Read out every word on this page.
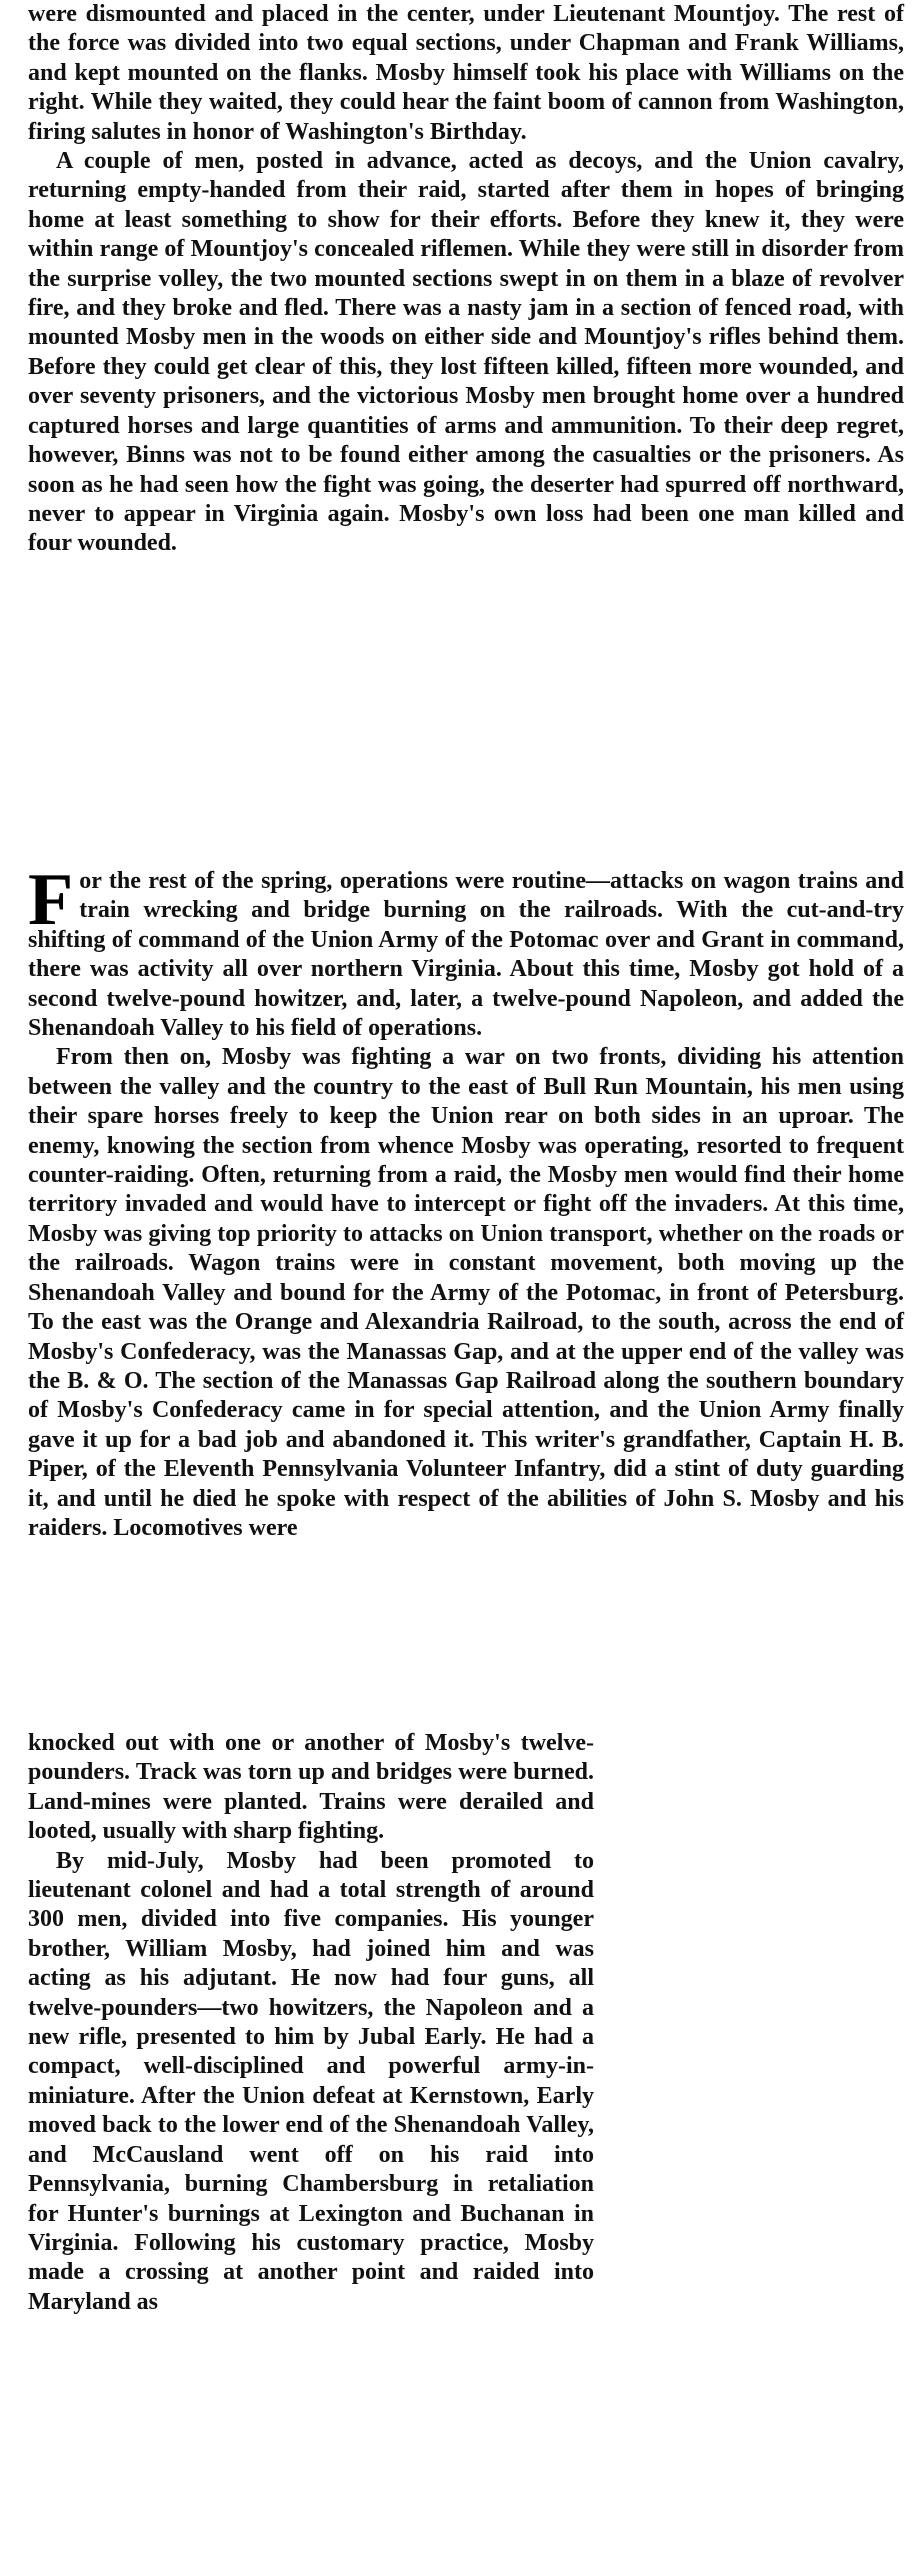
were dismounted and placed in the center, under Lieutenant Mountjoy. The rest of the force was divided into two equal sections, under Chapman and Frank Williams, and kept mounted on the flanks. Mosby himself took his place with Williams on the right. While they waited, they could hear the faint boom of cannon from Washington, firing salutes in honor of Washington's Birthday.

A couple of men, posted in advance, acted as decoys, and the Union cavalry, returning empty-handed from their raid, started after them in hopes of bringing home at least something to show for their efforts. Before they knew it, they were within range of Mountjoy's concealed riflemen. While they were still in disorder from the surprise volley, the two mounted sections swept in on them in a blaze of revolver fire, and they broke and fled. There was a nasty jam in a section of fenced road, with mounted Mosby men in the woods on either side and Mountjoy's rifles behind them. Before they could get clear of this, they lost fifteen killed, fifteen more wounded, and over seventy prisoners, and the victorious Mosby men brought home over a hundred captured horses and large quantities of arms and ammunition. To their deep regret, however, Binns was not to be found either among the casualties or the prisoners. As soon as he had seen how the fight was going, the deserter had spurred off northward, never to appear in Virginia again. Mosby's own loss had been one man killed and four wounded.

For the rest of the spring, operations were routine—attacks on wagon trains and train wrecking and bridge burning on the railroads. With the cut-and-try shifting of command of the Union Army of the Potomac over and Grant in command, there was activity all over northern Virginia. About this time, Mosby got hold of a second twelve-pound howitzer, and, later, a twelve-pound Napoleon, and added the Shenandoah Valley to his field of operations.

From then on, Mosby was fighting a war on two fronts, dividing his attention between the valley and the country to the east of Bull Run Mountain, his men using their spare horses freely to keep the Union rear on both sides in an uproar. The enemy, knowing the section from whence Mosby was operating, resorted to frequent counter-raiding. Often, returning from a raid, the Mosby men would find their home territory invaded and would have to intercept or fight off the invaders. At this time, Mosby was giving top priority to attacks on Union transport, whether on the roads or the railroads. Wagon trains were in constant movement, both moving up the Shenandoah Valley and bound for the Army of the Potomac, in front of Petersburg. To the east was the Orange and Alexandria Railroad, to the south, across the end of Mosby's Confederacy, was the Manassas Gap, and at the upper end of the valley was the B. & O. The section of the Manassas Gap Railroad along the southern boundary of Mosby's Confederacy came in for special attention, and the Union Army finally gave it up for a bad job and abandoned it. This writer's grandfather, Captain H. B. Piper, of the Eleventh Pennsylvania Volunteer Infantry, did a stint of duty guarding it, and until he died he spoke with respect of the abilities of John S. Mosby and his raiders. Locomotives were

knocked out with one or another of Mosby's twelve-pounders. Track was torn up and bridges were burned. Land-mines were planted. Trains were derailed and looted, usually with sharp fighting.

By mid-July, Mosby had been promoted to lieutenant colonel and had a total strength of around 300 men, divided into five companies. His younger brother, William Mosby, had joined him and was acting as his adjutant. He now had four guns, all twelve-pounders—two howitzers, the Napoleon and a new rifle, presented to him by Jubal Early. He had a compact, well-disciplined and powerful army-in-miniature. After the Union defeat at Kernstown, Early moved back to the lower end of the Shenandoah Valley, and McCausland went off on his raid into Pennsylvania, burning Chambersburg in retaliation for Hunter's burnings at Lexington and Buchanan in Virginia. Following his customary practice, Mosby made a crossing at another point and raided into Maryland as
